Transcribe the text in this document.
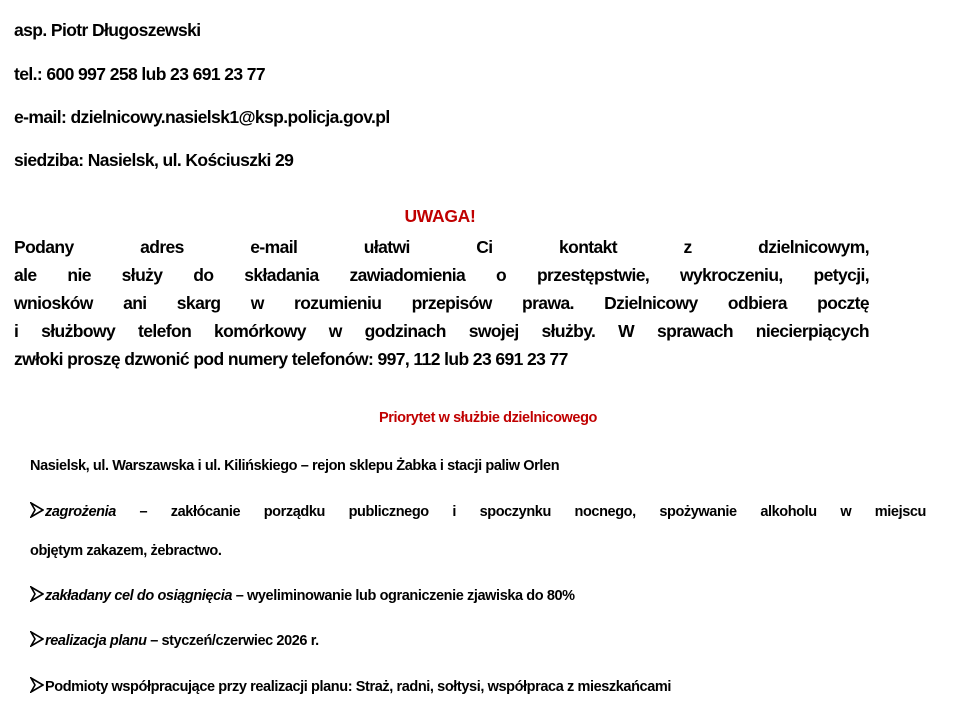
asp. Piotr Długoszewski
tel.: 600 997 258 lub 23 691 23 77
e-mail: dzielnicowy.nasielsk1@ksp.policja.gov.pl
siedziba: Nasielsk, ul. Kościuszki 29
UWAGA!
Podany adres e-mail ułatwi Ci kontakt z dzielnicowym,
ale nie służy do składania zawiadomienia o przestępstwie, wykroczeniu, petycji,
wniosków ani skarg w rozumieniu przepisów prawa. Dzielnicowy odbiera pocztę
i służbowy telefon komórkowy w godzinach swojej służby. W sprawach niecierpiących
zwłoki proszę dzwonić pod numery telefonów: 997, 112 lub 23 691 23 77
Priorytet w służbie dzielnicowego
Nasielsk, ul. Warszawska i ul. Kilińskiego – rejon sklepu Żabka i stacji paliw Orlen
zagrożenia – zakłócanie porządku publicznego i spoczynku nocnego, spożywanie alkoholu w miejscu
objętym zakazem, żebractwo.
zakładany cel do osiągnięcia – wyeliminowanie lub ograniczenie zjawiska do 80%
realizacja planu – styczeń/czerwiec 2026 r.
Podmioty współpracujące przy realizacji planu: Straż, radni, sołtysi, współpraca z mieszkańcami
